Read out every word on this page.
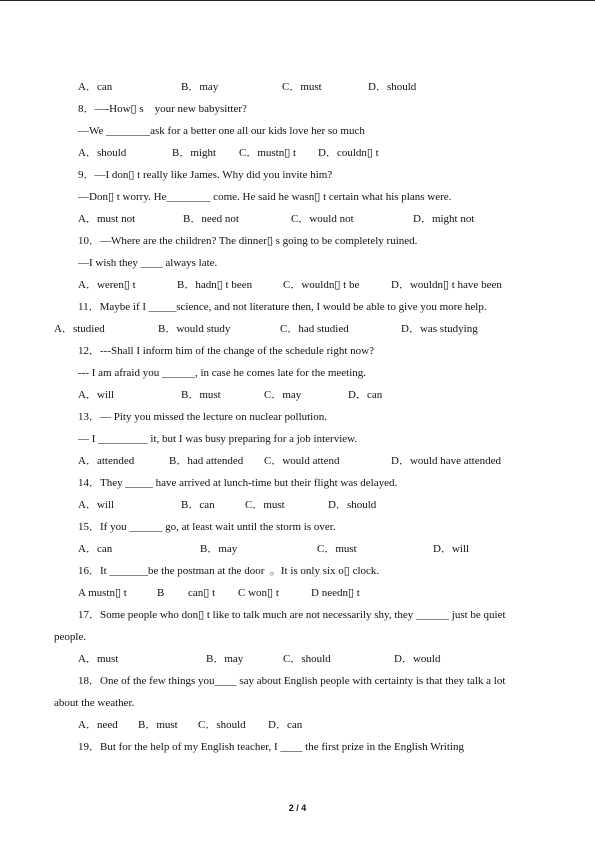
A．can	B．may	C．must	D．should
8．—-How▯ s    your new babysitter?
—We ________ask for a better one all our kids love her so much
A．should	B．might C．mustn▯ t D．couldn▯ t
9．—I don▯ t really like James. Why did you invite him?
—Don▯ t worry. He________ come. He said he wasn▯ t certain what his plans were.
A．must not	B．need not	C．would not	D．might not
10．—Where are the children? The dinner▯ s going to be completely ruined.
—I wish they ____ always late.
A．weren▯ t	B．hadn▯ t been	C．wouldn▯ t be	D．wouldn▯ t have been
11．Maybe if I _____science, and not literature then, I would be able to give you more help.
A．studied	B．would study	C．had studied	D．was studying
12．---Shall I inform him of the change of the schedule right now?
--- I am afraid you ______, in case he comes late for the meeting.
A．will	B．must	C．may	D．can
13．— Pity you missed the lecture on nuclear pollution.
— I _________ it, but I was busy preparing for a job interview.
A．attended	B．had attended C．would attend	D．would have attended
14．They _____ have arrived at lunch-time but their flight was delayed.
A．will	B．can	C．must	D．should
15．If you ______ go, at least wait until the storm is over.
A．can	B．may	C．must	D．will
16．It _______be the postman at the door  。It is only six o▯ clock.
A mustn▯ t	B can▯ t C won▯ t	D needn▯ t
17．Some people who don▯ t like to talk much are not necessarily shy, they ______ just be quiet
people.
A．must	B．may	C．should	D．would
18．One of the few things you____ say about English people with certainty is that they talk a lot
about the weather.
A．need B．must C．should D．can
19．But for the help of my English teacher, I ____ the first prize in the English Writing
2 / 4
